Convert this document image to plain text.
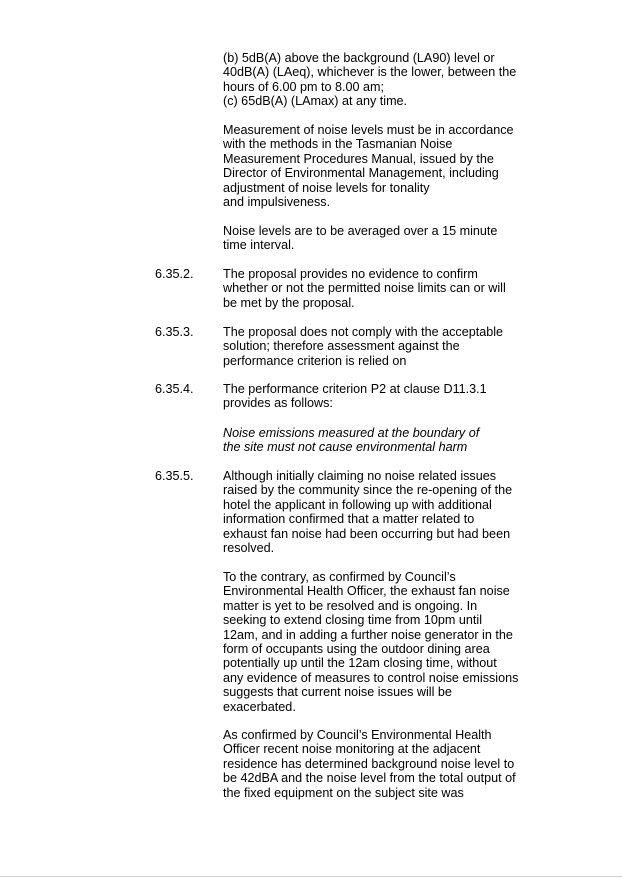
(b) 5dB(A) above the background (LA90) level or
40dB(A) (LAeq), whichever is the lower, between the
hours of 6.00 pm to 8.00 am;
(c) 65dB(A) (LAmax) at any time.

Measurement of noise levels must be in accordance
with the methods in the Tasmanian Noise
Measurement Procedures Manual, issued by the
Director of Environmental Management, including
adjustment of noise levels for tonality
and impulsiveness.

Noise levels are to be averaged over a 15 minute
time interval.

6.35.2. The proposal provides no evidence to confirm
whether or not the permitted noise limits can or will
be met by the proposal.

6.35.3. The proposal does not comply with the acceptable
solution; therefore assessment against the
performance criterion is relied on

6.35.4. The performance criterion P2 at clause D11.3.1
provides as follows:

Noise emissions measured at the boundary of
the site must not cause environmental harm

6.35.5. Although initially claiming no noise related issues
raised by the community since the re-opening of the
hotel the applicant in following up with additional
information confirmed that a matter related to
exhaust fan noise had been occurring but had been
resolved.

To the contrary, as confirmed by Council’s
Environmental Health Officer, the exhaust fan noise
matter is yet to be resolved and is ongoing. In
seeking to extend closing time from 10pm until
12am, and in adding a further noise generator in the
form of occupants using the outdoor dining area
potentially up until the 12am closing time, without
any evidence of measures to control noise emissions
suggests that current noise issues will be
exacerbated.

As confirmed by Council’s Environmental Health
Officer recent noise monitoring at the adjacent
residence has determined background noise level to
be 42dBA and the noise level from the total output of
the fixed equipment on the subject site was
